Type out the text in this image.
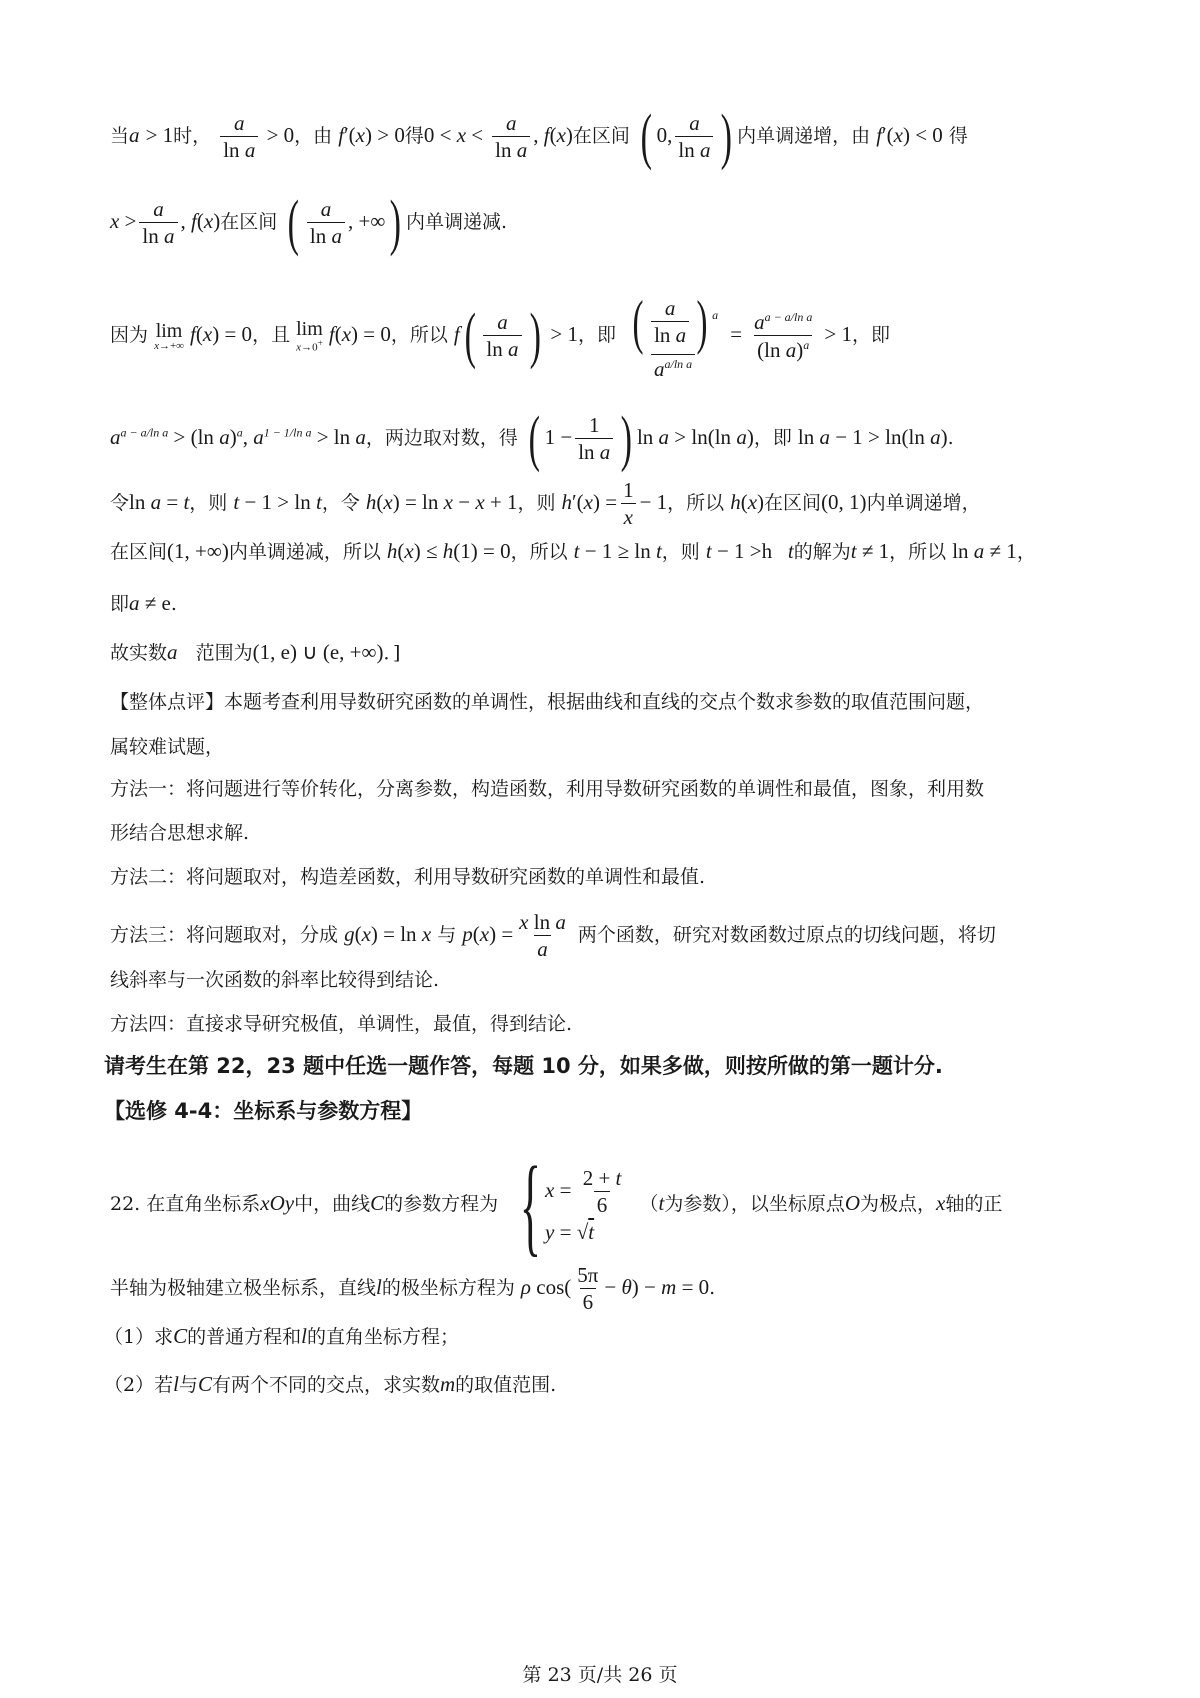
当a > 1时， $\frac{a}{\text{ln a}} > 0$，由 f′(x) > 0得$0 < x < \frac{a}{\text{ln a}}$ , f(x)在区间 ( 0, $\frac{a}{\text{ln a}}$ ) 内单调递增，由 f′(x) < 0 得
$x > \frac{a}{\text{ln a}}$ , f(x)在区间 ( $\frac{a}{\text{ln a}}$ , +∞) 内单调递减.
因为 lim
x→+∞ f(x) = 0，且 lim
x→0+ f(x) = 0，所以 $f( \frac{a}{\text{ln a}}$ ) > 1，即 $\frac{( \frac{a}{\text{ln a}} ) ^a}{a^{a/ln a}} = \frac{a^{a - a/ln a}}{(\ln a)^a} > 1$，即
$a^{a - a/ln a} > (\ln$ a)$^a$, $a^{1 - 1/ln a} > \ln a$，两边取对数，得 ( $1 - \frac{1}{\text{ln a}}$ ) ln a > ln(ln a)，即 ln a − 1 > ln(ln a).
令ln a = t，则 t − 1 > ln t，令 h(x) = ln x − x + 1，则 $h'(x) = \frac{1}{x} - 1$，所以 h(x)在区间(0, 1)内单调递增，
在区间(1, +∞)内单调递减，所以 h(x) ≤ h(1) = 0，所以 t − 1 ≥ ln t，则 t − 1 >h   t的解为t ≠ 1，所以 ln a ≠ 1，
即a ≠ e.
故实数a 范围为(1, e) ∪ (e, +∞)．]
【整体点评】本题考查利用导数研究函数的单调性，根据曲线和直线的交点个数求参数的取值范围问题，
属较难试题，
方法一：将问题进行等价转化，分离参数，构造函数，利用导数研究函数的单调性和最值，图象，利用数
形结合思想求解.
方法二：将问题取对，构造差函数，利用导数研究函数的单调性和最值.
方法三：将问题取对，分成 g(x) = ln x 与 $p(x) = \frac{\text{x ln a}}{a}$ 两个函数，研究对数函数过原点的切线问题，将切
线斜率与一次函数的斜率比较得到结论.
方法四：直接求导研究极值，单调性，最值，得到结论.
请考生在第 22，23 题中任选一题作答，每题 10 分，如果多做，则按所做的第一题计分.
【选修 4-4：坐标系与参数方程】
22. 在直角坐标系xOy中，曲线C的参数方程为 { $x = \frac{2 + t}{6}$
y = √t
（t为参数），以坐标原点O为极点，x轴的正
半轴为极轴建立极坐标系，直线l的极坐标方程为 ρ $\cos( \frac{5\pi}{6} - \theta) - m = 0$.
（1）求C的普通方程和l的直角坐标方程；
（2）若l与C有两个不同的交点，求实数m的取值范围.
第 23 页/共 26 页
